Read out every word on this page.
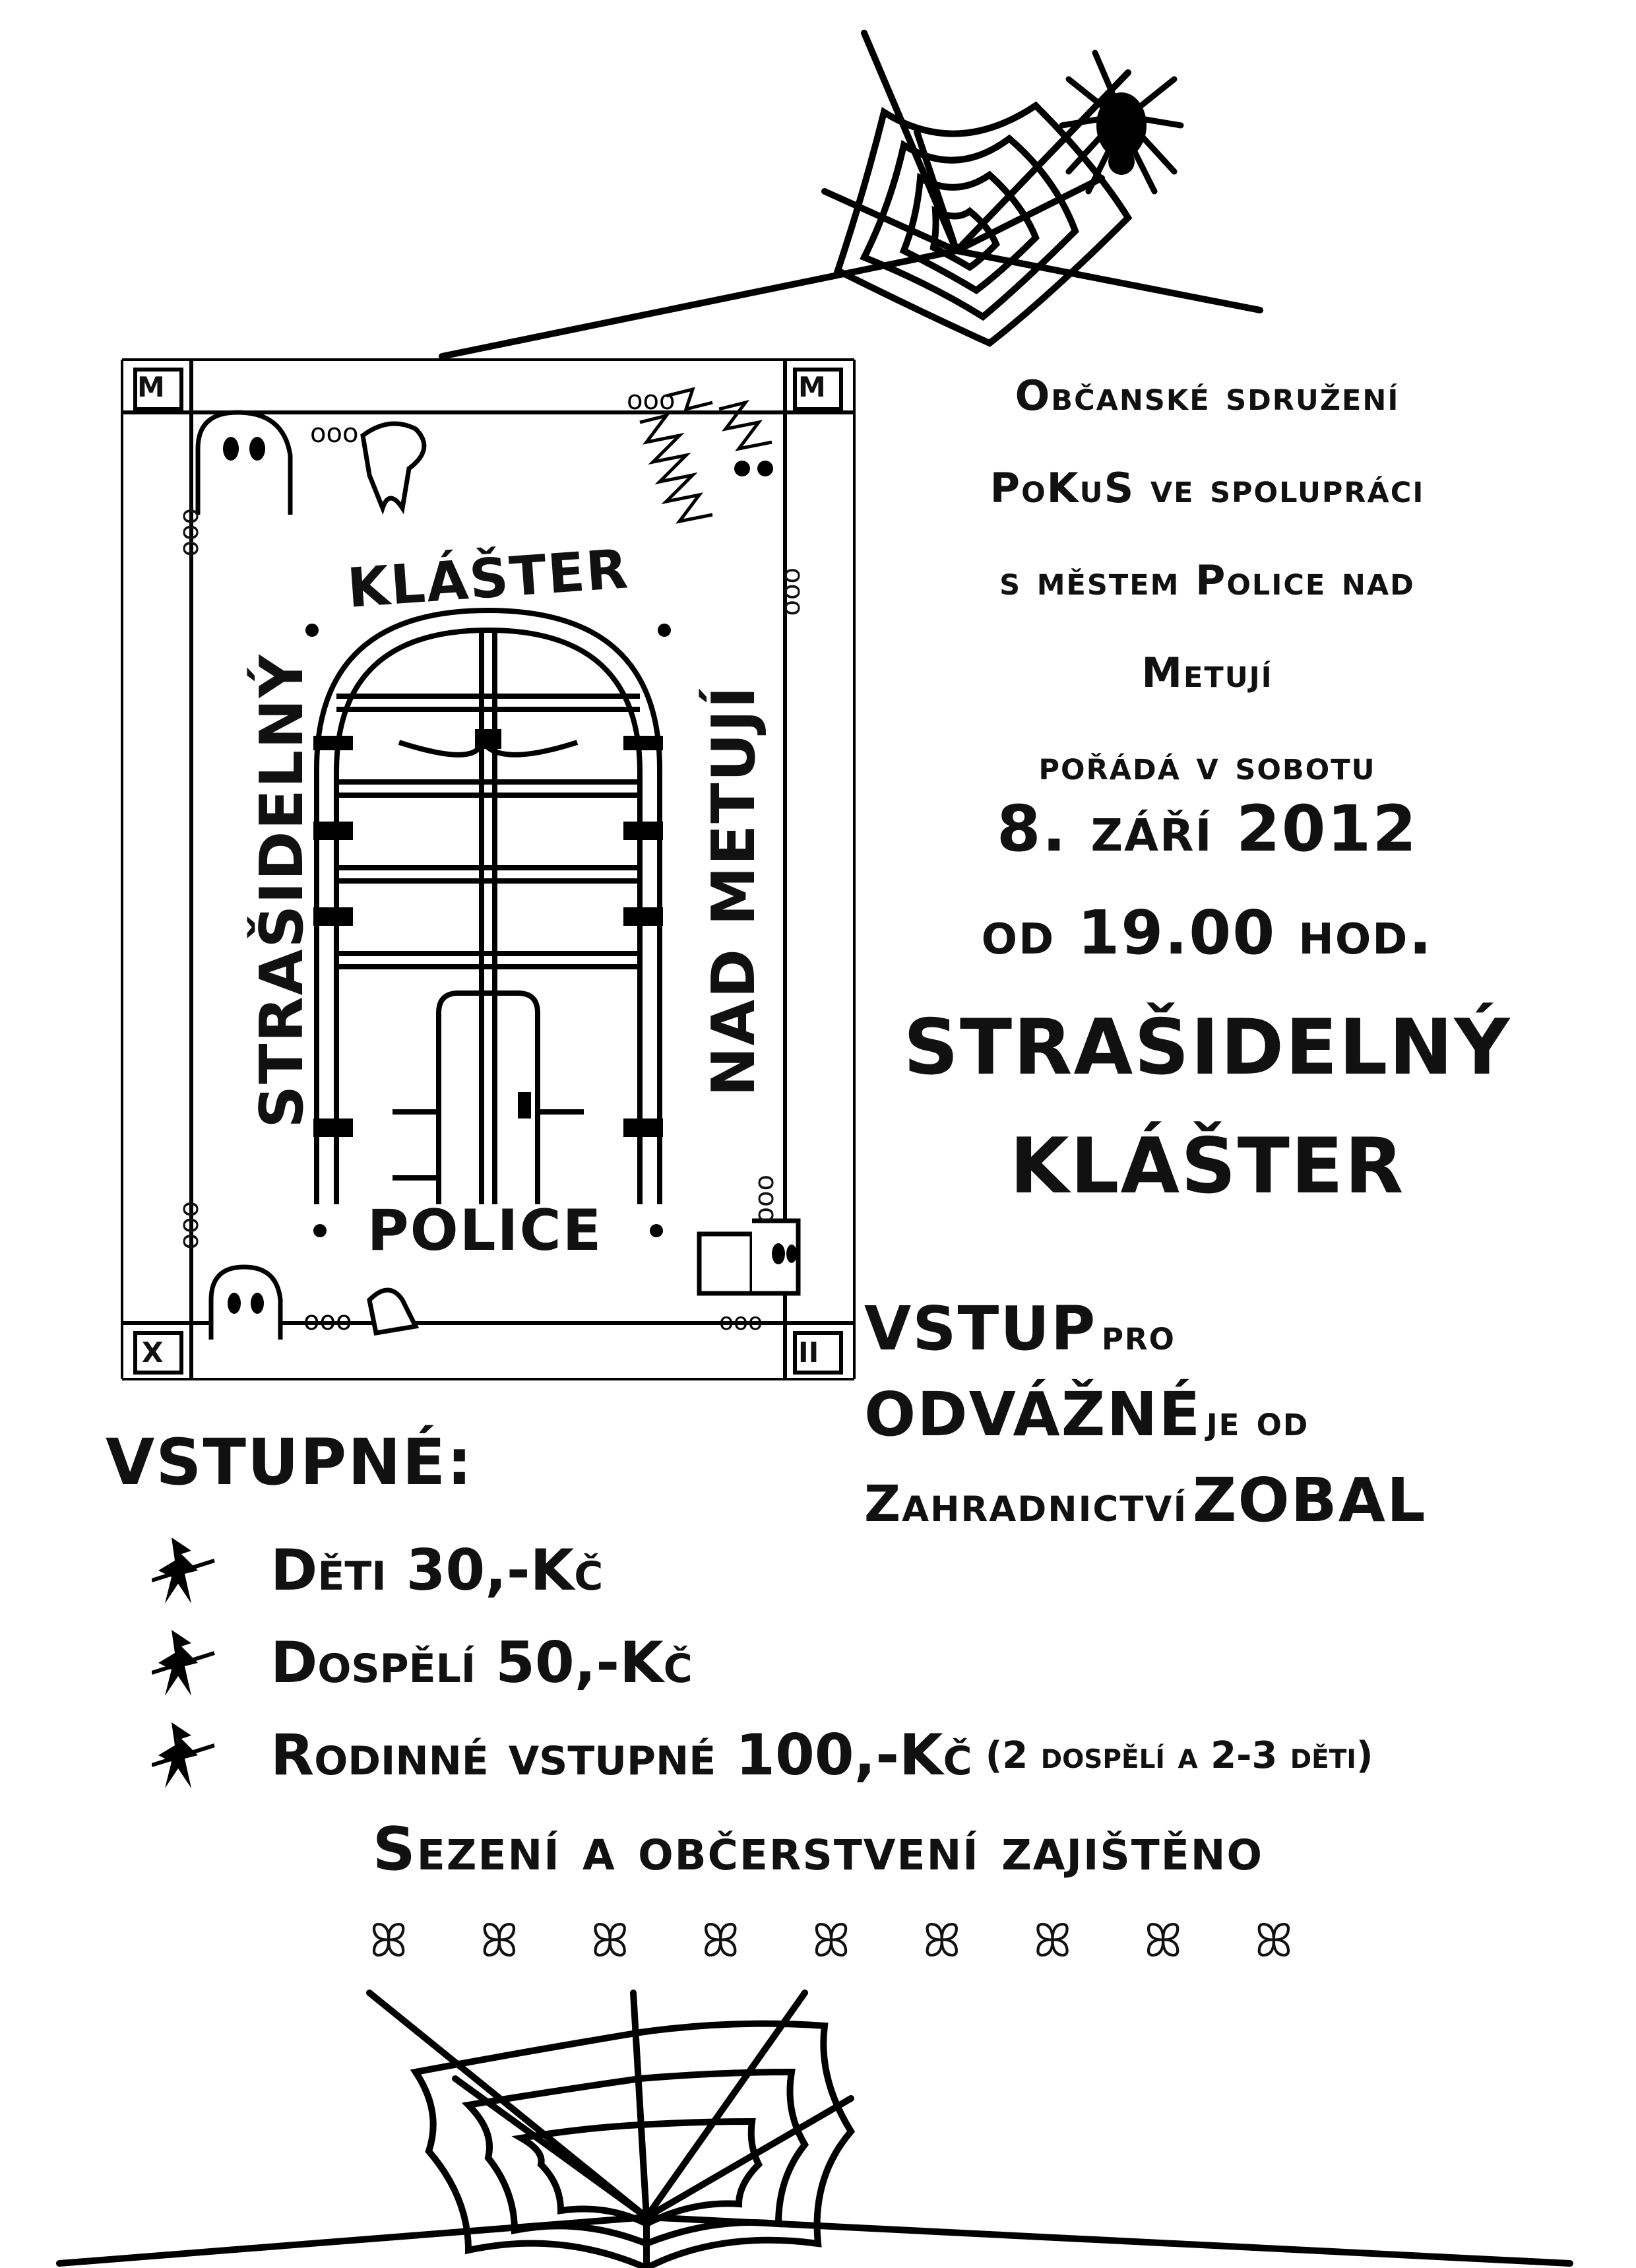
M	M
X	II
ooo
ooo
ooo	ooo
ooo
ooo
ooo
ooo
KLÁŠTER
STRAŠIDELNÝ	NAD METUJÍ
POLICE
Občanské sdružení
PoKuS ve spolupráci
s městem Police nad
Metují
pořádá v sobotu
8. září 2012
od 19.00 hod.
STRAŠIDELNÝ
KLÁŠTER
VSTUP pro
ODVÁŽNÉ je od
Zahradnictví ZOBAL
VSTUPNÉ:
Děti 30,-Kč
Dospělí 50,-Kč
Rodinné vstupné 100,-Kč (2 dospělí a 2-3 děti)
Sezení a občerstvení zajištěno
ꕤ ꕤ ꕤ ꕤ ꕤ ꕤ ꕤ ꕤ ꕤ
